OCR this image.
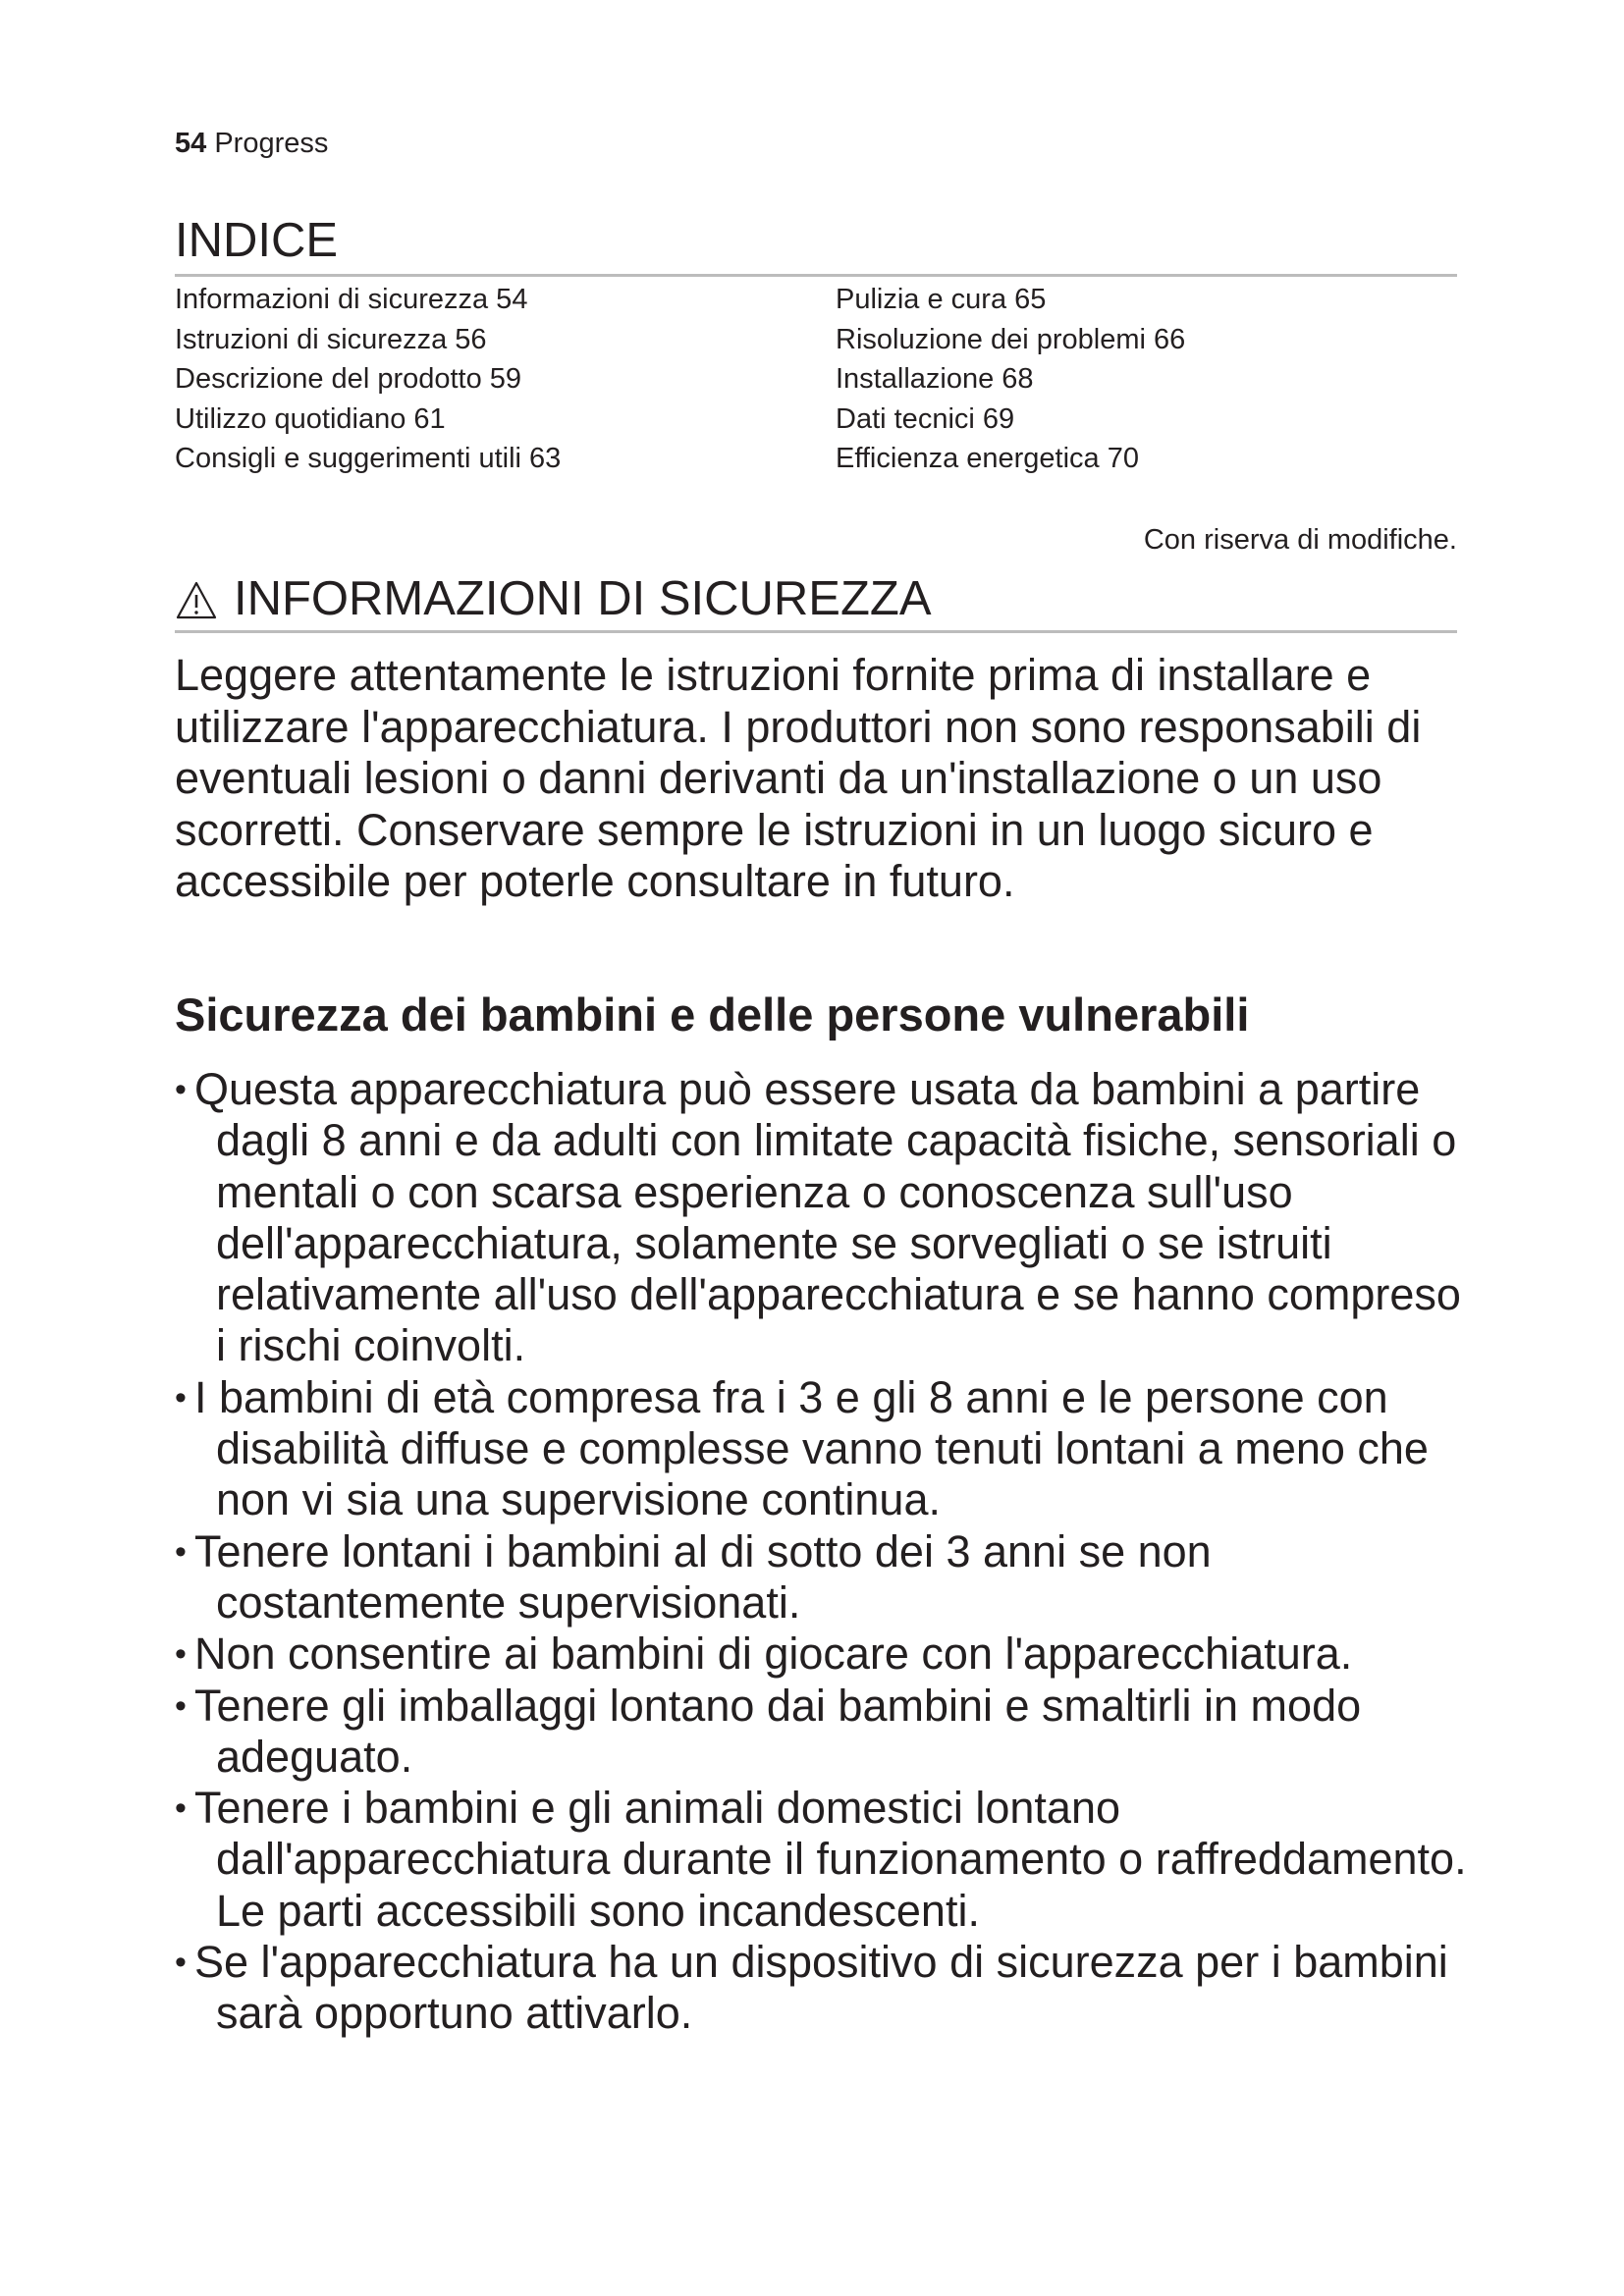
54 Progress
INDICE
Informazioni di sicurezza 54
Istruzioni di sicurezza 56
Descrizione del prodotto 59
Utilizzo quotidiano 61
Consigli e suggerimenti utili 63
Pulizia e cura 65
Risoluzione dei problemi 66
Installazione 68
Dati tecnici 69
Efficienza energetica 70
Con riserva di modifiche.
INFORMAZIONI DI SICUREZZA

Leggere attentamente le istruzioni fornite prima di installare e utilizzare l'apparecchiatura. I produttori non sono responsabili di eventuali lesioni o danni derivanti da un'installazione o un uso scorretti. Conservare sempre le istruzioni in un luogo sicuro e accessibile per poterle consultare in futuro.

Sicurezza dei bambini e delle persone vulnerabili
• Questa apparecchiatura può essere usata da bambini a partire dagli 8 anni e da adulti con limitate capacità fisiche, sensoriali o mentali o con scarsa esperienza o conoscenza sull'uso dell'apparecchiatura, solamente se sorvegliati o se istruiti relativamente all'uso dell'apparecchiatura e se hanno compreso i rischi coinvolti.
• I bambini di età compresa fra i 3 e gli 8 anni e le persone con disabilità diffuse e complesse vanno tenuti lontani a meno che non vi sia una supervisione continua.
• Tenere lontani i bambini al di sotto dei 3 anni se non costantemente supervisionati.
• Non consentire ai bambini di giocare con l'apparecchiatura.
• Tenere gli imballaggi lontano dai bambini e smaltirli in modo adeguato.
• Tenere i bambini e gli animali domestici lontano dall'apparecchiatura durante il funzionamento o raffreddamento. Le parti accessibili sono incandescenti.
• Se l'apparecchiatura ha un dispositivo di sicurezza per i bambini sarà opportuno attivarlo.
